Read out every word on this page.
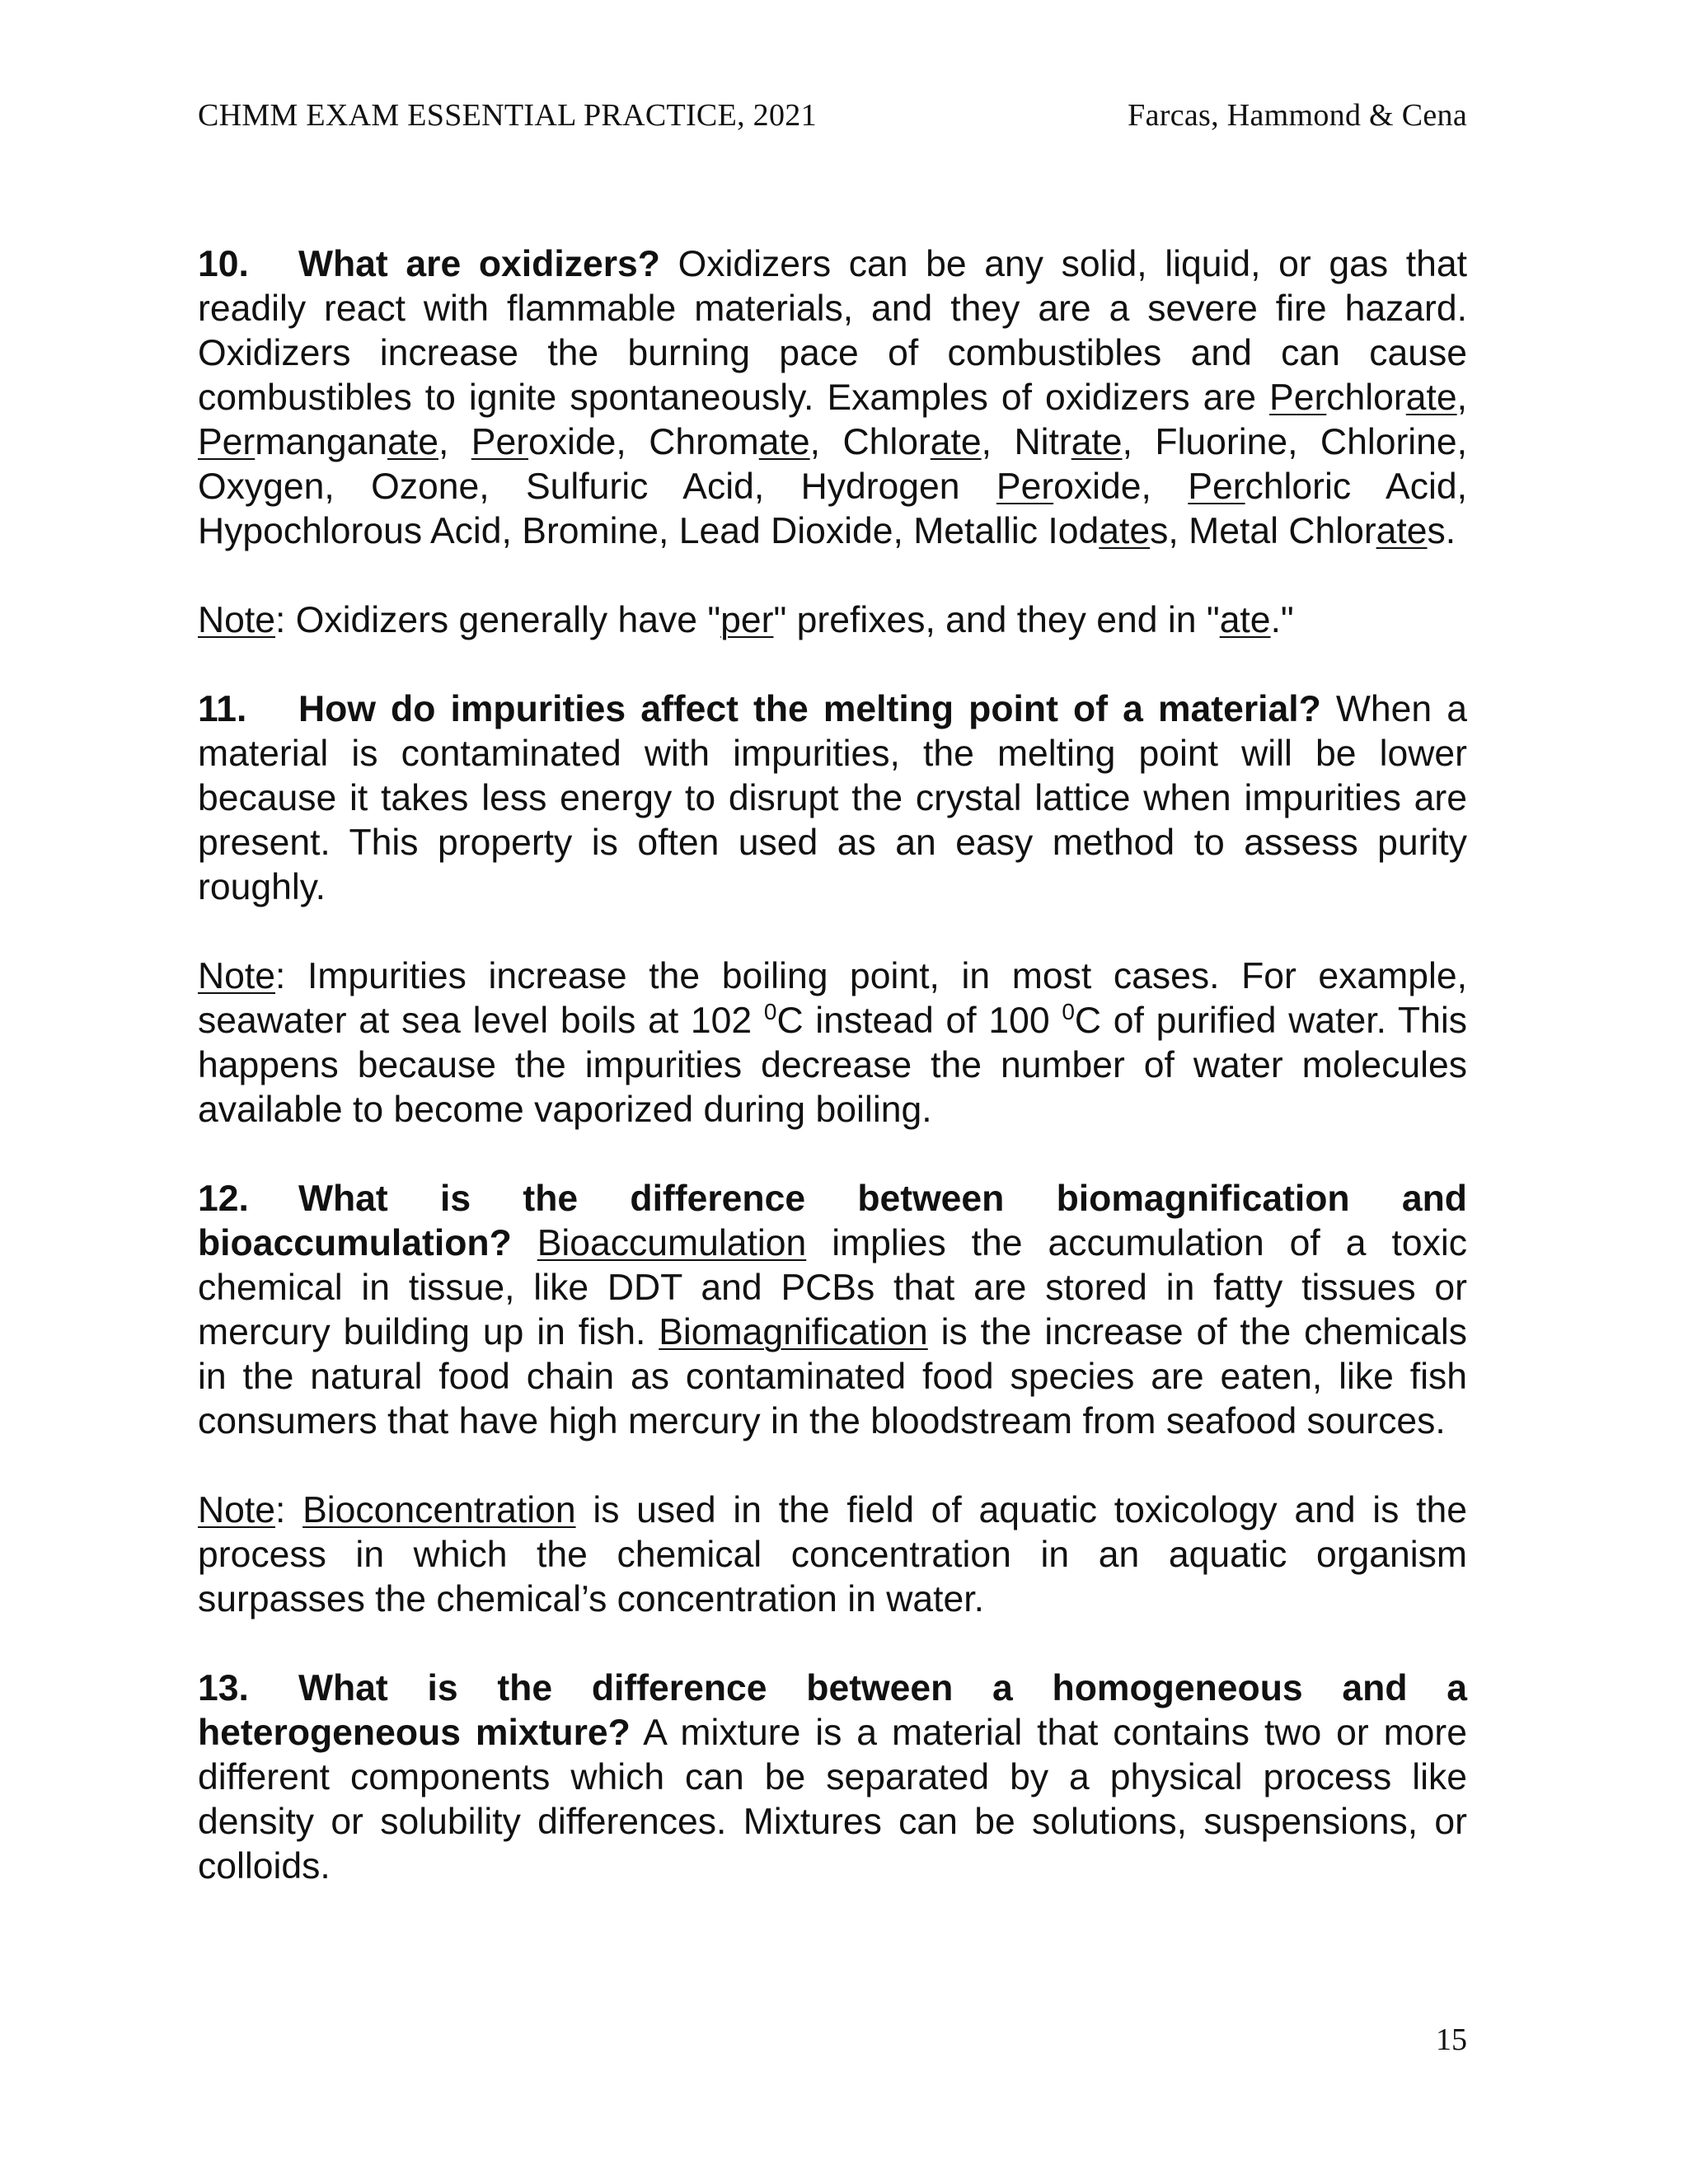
CHMM EXAM ESSENTIAL PRACTICE, 2021	Farcas, Hammond & Cena

10. What are oxidizers? Oxidizers can be any solid, liquid, or gas that readily react with flammable materials, and they are a severe fire hazard. Oxidizers increase the burning pace of combustibles and can cause combustibles to ignite spontaneously. Examples of oxidizers are Perchlorate, Permanganate, Peroxide, Chromate, Chlorate, Nitrate, Fluorine, Chlorine, Oxygen, Ozone, Sulfuric Acid, Hydrogen Peroxide, Perchloric Acid, Hypochlorous Acid, Bromine, Lead Dioxide, Metallic Iodates, Metal Chlorates.

Note: Oxidizers generally have "per" prefixes, and they end in "ate."

11. How do impurities affect the melting point of a material? When a material is contaminated with impurities, the melting point will be lower because it takes less energy to disrupt the crystal lattice when impurities are present. This property is often used as an easy method to assess purity roughly.

Note: Impurities increase the boiling point, in most cases. For example, seawater at sea level boils at 102 $^0$C instead of 100 $^0$C of purified water. This happens because the impurities decrease the number of water molecules available to become vaporized during boiling.

12. What is the difference between biomagnification and bioaccumulation? Bioaccumulation implies the accumulation of a toxic chemical in tissue, like DDT and PCBs that are stored in fatty tissues or mercury building up in fish. Biomagnification is the increase of the chemicals in the natural food chain as contaminated food species are eaten, like fish consumers that have high mercury in the bloodstream from seafood sources.

Note: Bioconcentration is used in the field of aquatic toxicology and is the process in which the chemical concentration in an aquatic organism surpasses the chemical’s concentration in water.

13. What is the difference between a homogeneous and a heterogeneous mixture? A mixture is a material that contains two or more different components which can be separated by a physical process like density or solubility differences. Mixtures can be solutions, suspensions, or colloids.

15
